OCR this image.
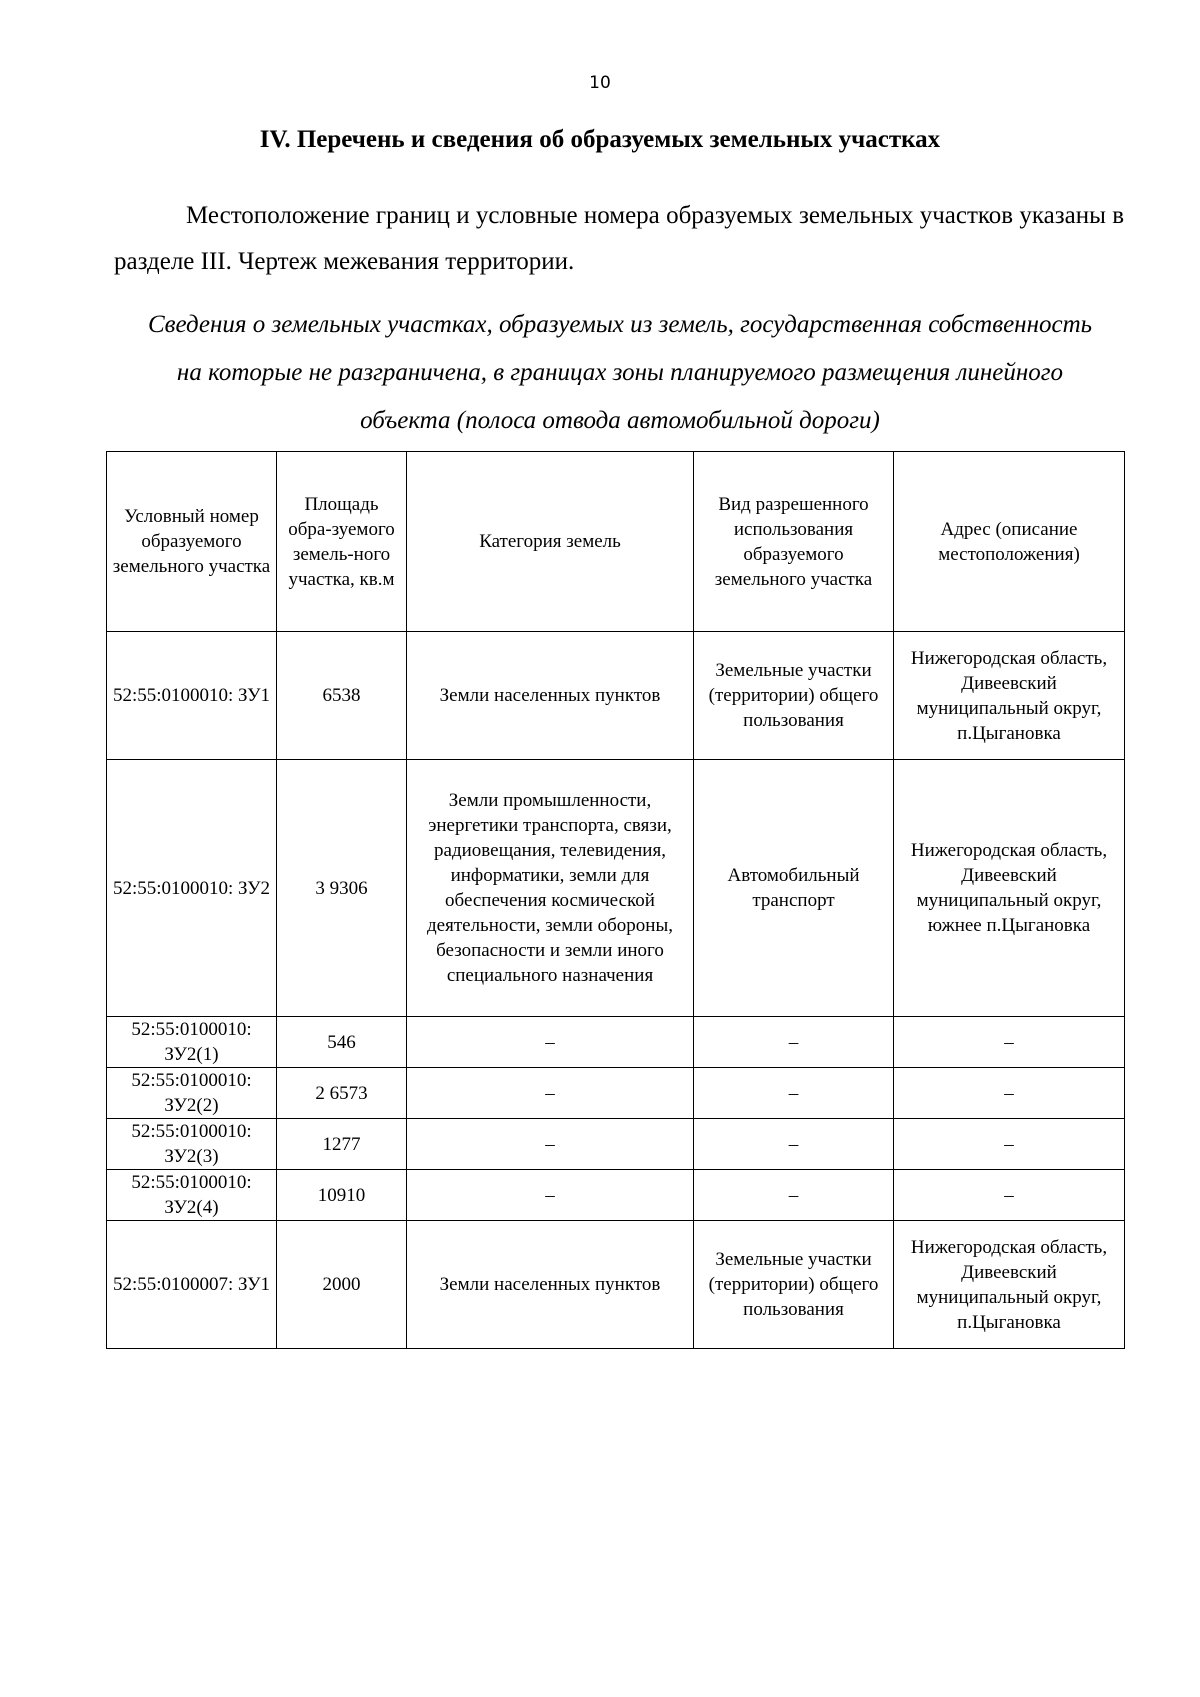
10
IV. Перечень и сведения об образуемых земельных участках
Местоположение границ и условные номера образуемых земельных участков указаны в разделе III. Чертеж межевания территории.
Сведения о земельных участках, образуемых из земель, государственная собственность на которые не разграничена, в границах зоны планируемого размещения линейного объекта (полоса отвода автомобильной дороги)
Условный номер образуемого земельного участка	Площадь обра-зуемого земель-ного участка, кв.м	Категория земель	Вид разрешенного использования образуемого земельного участка	Адрес (описание местоположения)
52:55:0100010: ЗУ1	6538	Земли населенных пунктов	Земельные участки (территории) общего пользования	Нижегородская область, Дивеевский муниципальный округ, п.Цыгановка
52:55:0100010: ЗУ2	3 9306	Земли промышленности, энергетики транспорта, связи, радиовещания, телевидения, информатики, земли для обеспечения космической деятельности, земли обороны, безопасности и земли иного специального назначения	Автомобильный транспорт	Нижегородская область, Дивеевский муниципальный округ, южнее п.Цыгановка
52:55:0100010: ЗУ2(1)	546	–	–	–
52:55:0100010: ЗУ2(2)	2 6573	–	–	–
52:55:0100010: ЗУ2(3)	1277	–	–	–
52:55:0100010: ЗУ2(4)	10910	–	–	–
52:55:0100007: ЗУ1	2000	Земли населенных пунктов	Земельные участки (территории) общего пользования	Нижегородская область, Дивеевский муниципальный округ, п.Цыгановка
